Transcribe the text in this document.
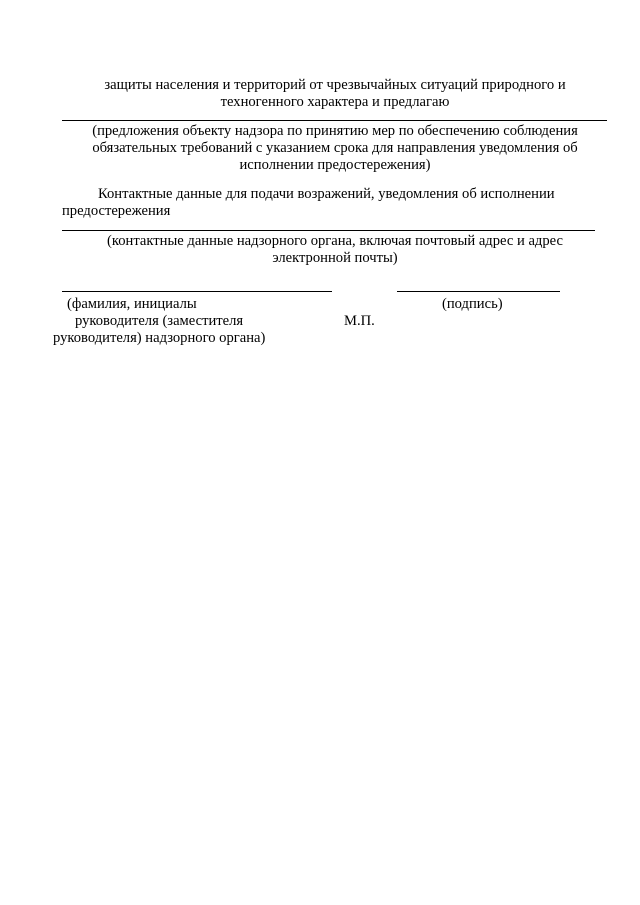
защиты населения и территорий от чрезвычайных ситуаций природного и
техногенного характера и предлагаю
(предложения объекту надзора по принятию мер по обеспечению соблюдения
обязательных требований с указанием срока для направления уведомления об
исполнении предостережения)
Контактные данные для подачи возражений, уведомления об исполнении
предостережения
(контактные данные надзорного органа, включая почтовый адрес и адрес
электронной почты)
(фамилия, инициалы
руководителя (заместителя
руководителя) надзорного органа)
М.П.
(подпись)
